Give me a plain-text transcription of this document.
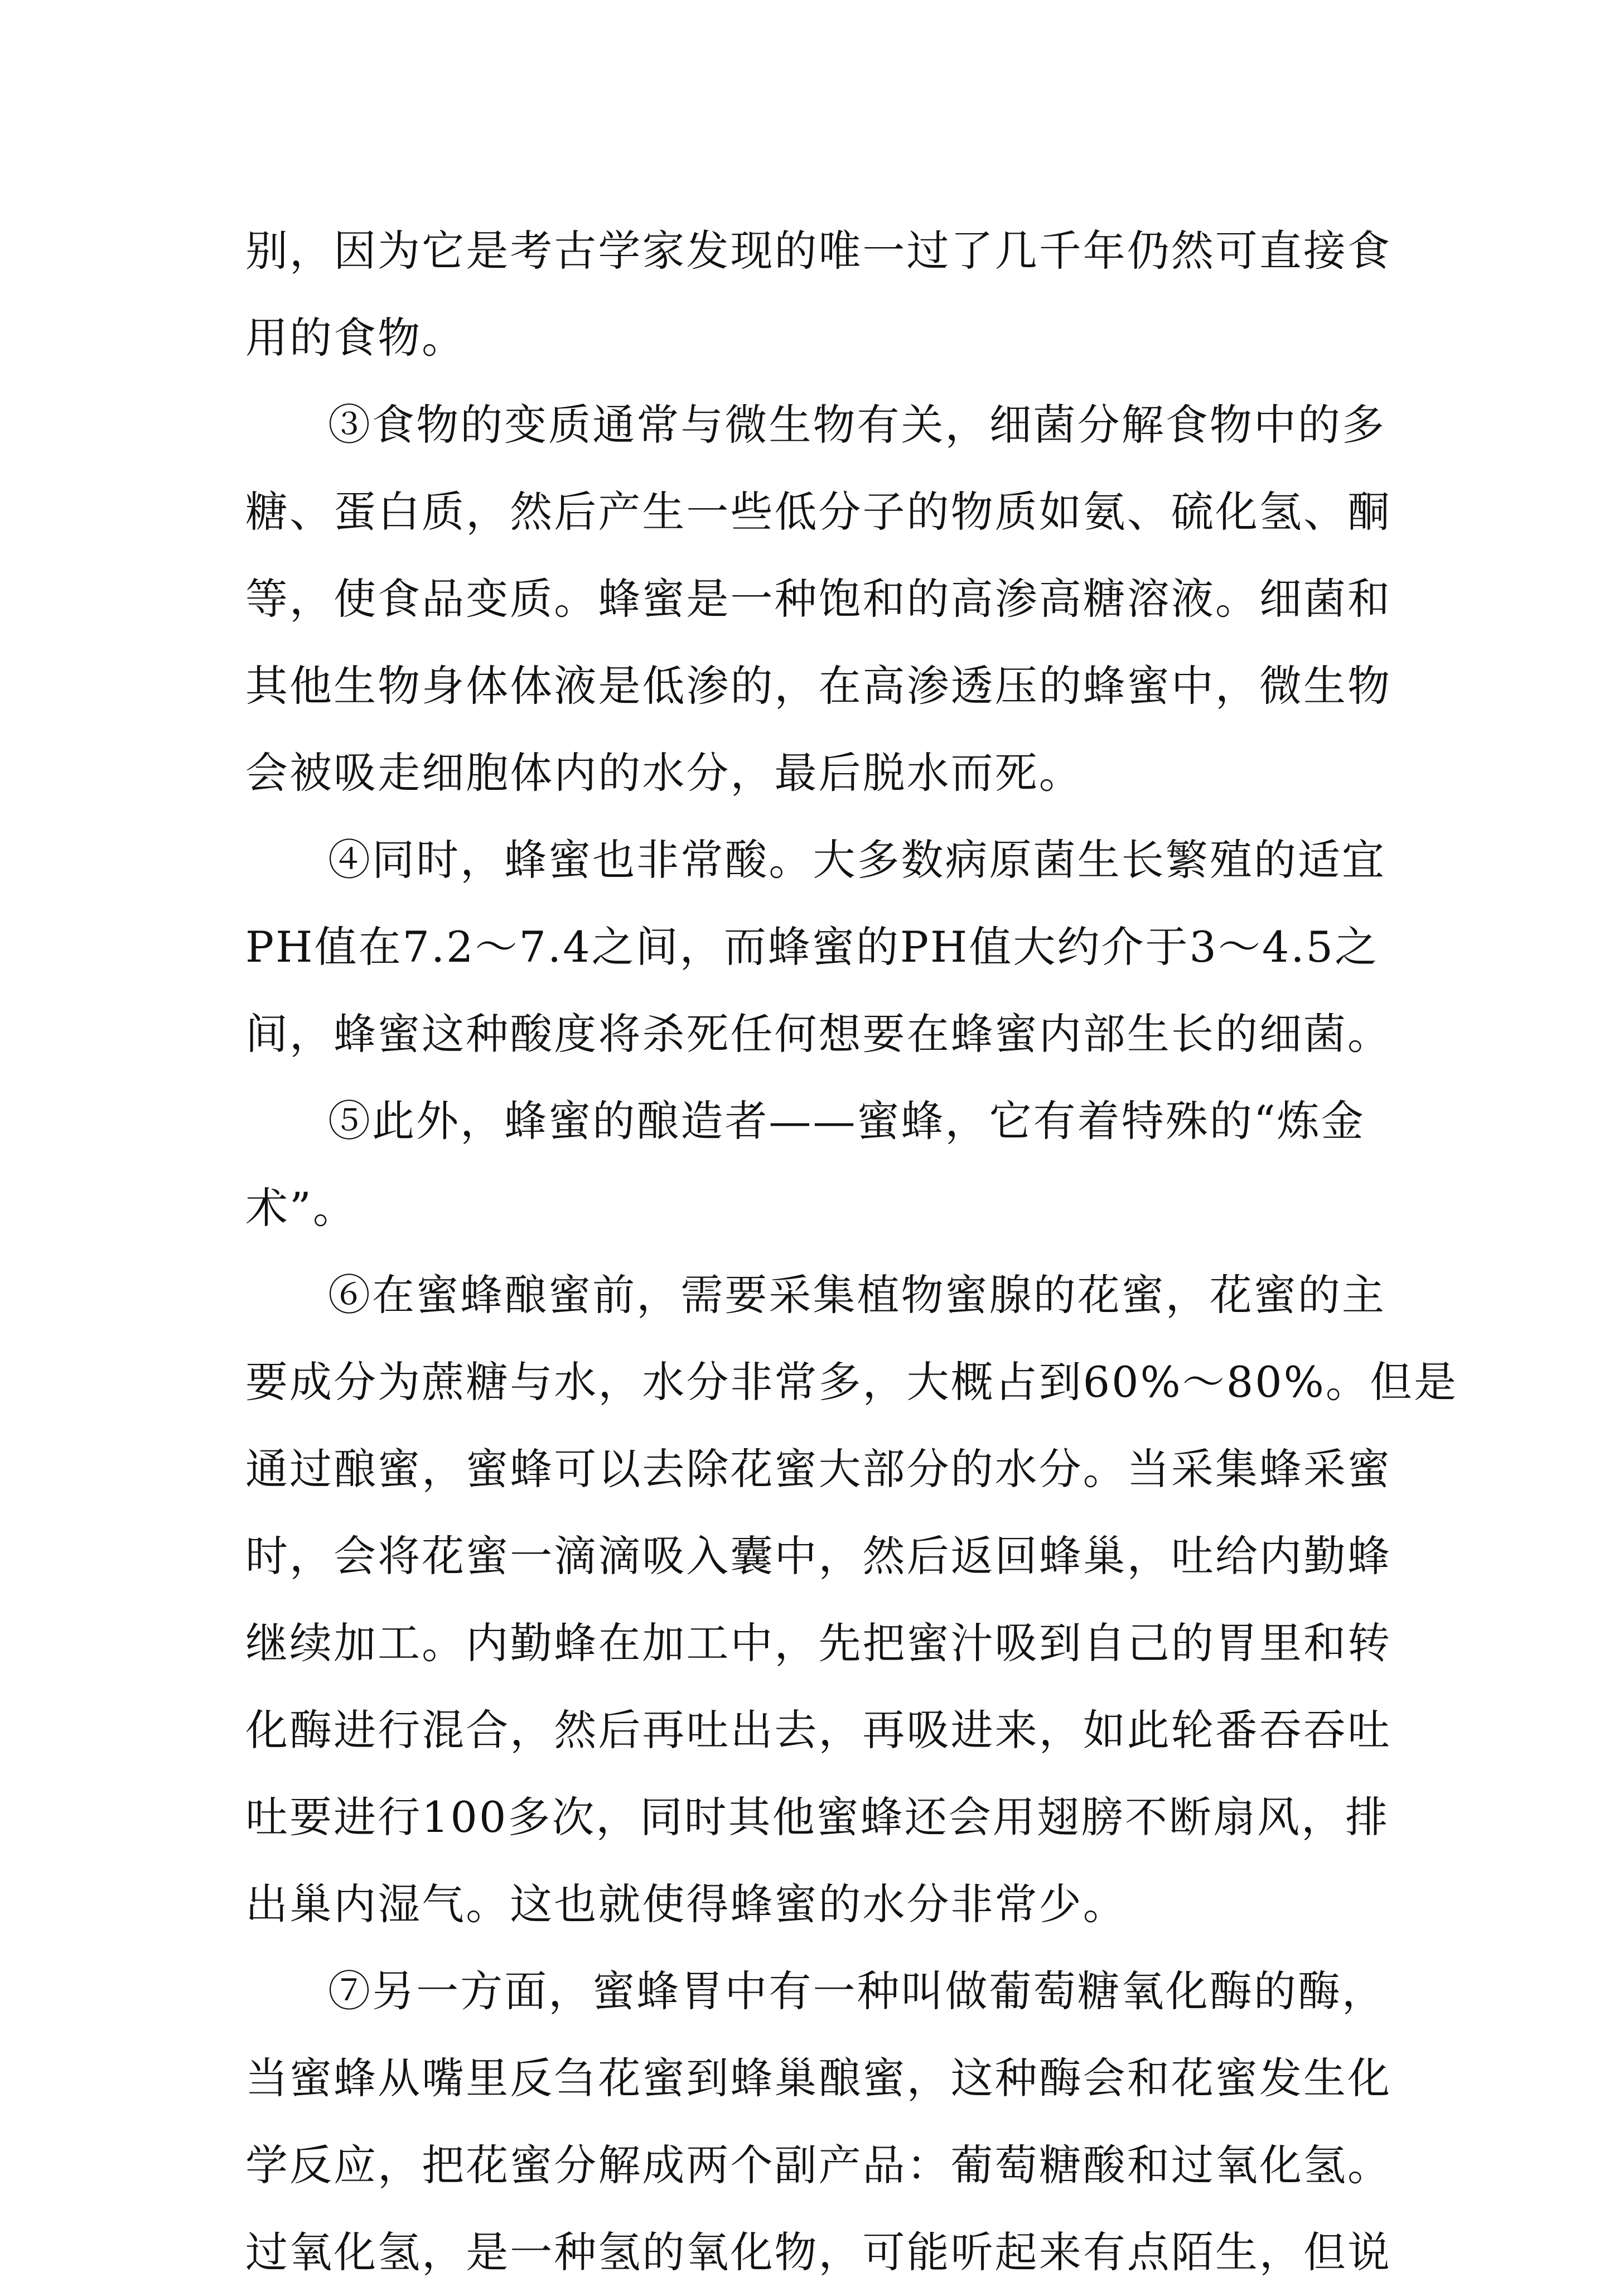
别，因为它是考古学家发现的唯一过了几千年仍然可直接食
用的食物。
③食物的变质通常与微生物有关，细菌分解食物中的多
糖、蛋白质，然后产生一些低分子的物质如氨、硫化氢、酮
等，使食品变质。蜂蜜是一种饱和的高渗高糖溶液。细菌和
其他生物身体体液是低渗的，在高渗透压的蜂蜜中，微生物
会被吸走细胞体内的水分，最后脱水而死。
④同时，蜂蜜也非常酸。大多数病原菌生长繁殖的适宜
PH值在7.2～7.4之间，而蜂蜜的PH值大约介于3～4.5之
间，蜂蜜这种酸度将杀死任何想要在蜂蜜内部生长的细菌。
⑤此外，蜂蜜的酿造者——蜜蜂，它有着特殊的“炼金
术”。
⑥在蜜蜂酿蜜前，需要采集植物蜜腺的花蜜，花蜜的主
要成分为蔗糖与水，水分非常多，大概占到60%～80%。但是
通过酿蜜，蜜蜂可以去除花蜜大部分的水分。当采集蜂采蜜
时，会将花蜜一滴滴吸入囊中，然后返回蜂巢，吐给内勤蜂
继续加工。内勤蜂在加工中，先把蜜汁吸到自己的胃里和转
化酶进行混合，然后再吐出去，再吸进来，如此轮番吞吞吐
吐要进行100多次，同时其他蜜蜂还会用翅膀不断扇风，排
出巢内湿气。这也就使得蜂蜜的水分非常少。
⑦另一方面，蜜蜂胃中有一种叫做葡萄糖氧化酶的酶，
当蜜蜂从嘴里反刍花蜜到蜂巢酿蜜，这种酶会和花蜜发生化
学反应，把花蜜分解成两个副产品：葡萄糖酸和过氧化氢。
过氧化氢，是一种氢的氧化物，可能听起来有点陌生，但说
